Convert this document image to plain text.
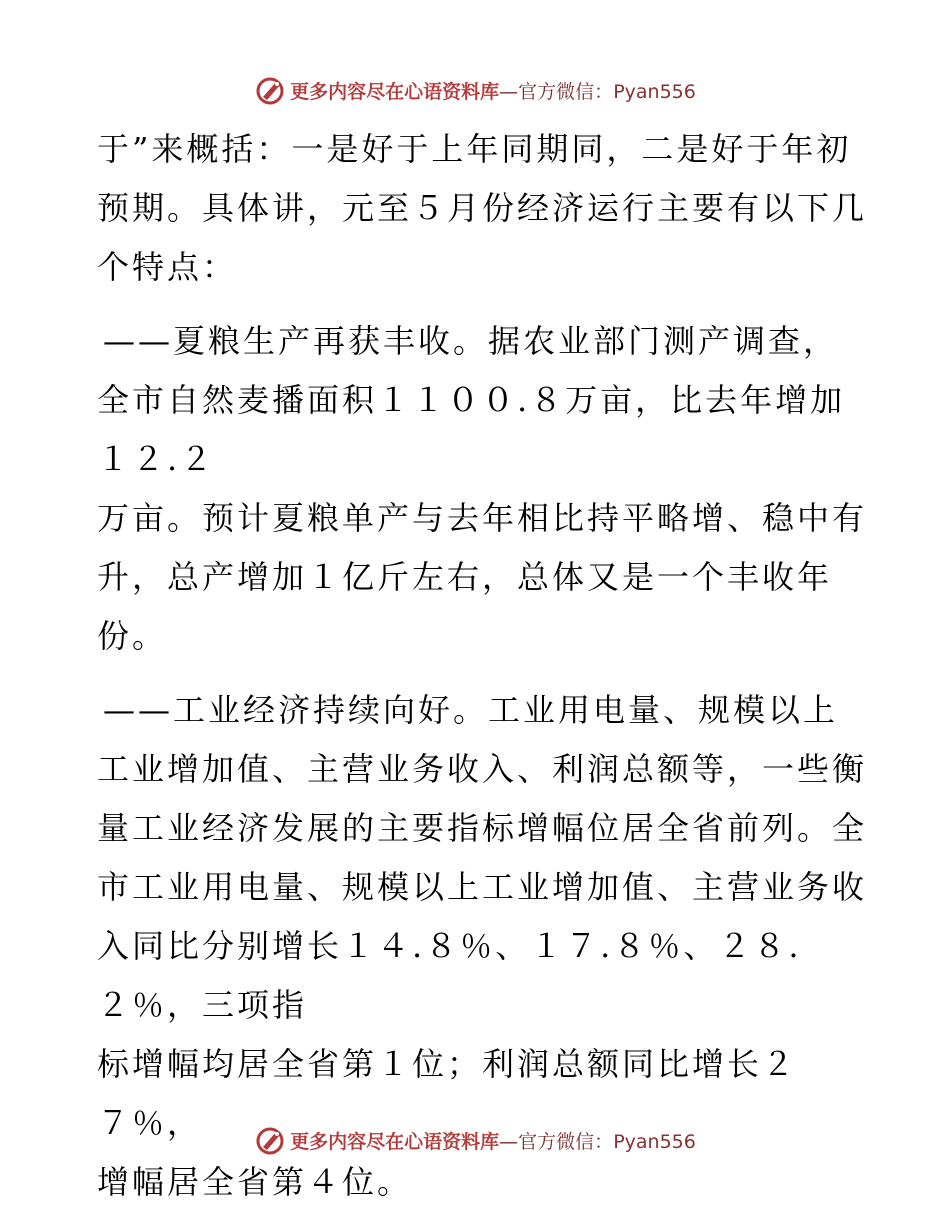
更多内容尽在心语资料库—官方微信：Pyan556
于”来概括：一是好于上年同期同，二是好于年初
预期。具体讲，元至５月份经济运行主要有以下几
个特点：
——夏粮生产再获丰收。据农业部门测产调查，
全市自然麦播面积１１００.８万亩，比去年增加１２.２
万亩。预计夏粮单产与去年相比持平略增、稳中有
升，总产增加１亿斤左右，总体又是一个丰收年
份。
——工业经济持续向好。工业用电量、规模以上
工业增加值、主营业务收入、利润总额等，一些衡
量工业经济发展的主要指标增幅位居全省前列。全
市工业用电量、规模以上工业增加值、主营业务收
入同比分别增长１４.８％、１７.８％、２８.２％，三项指
标增幅均居全省第１位；利润总额同比增长２７％，
增幅居全省第４位。
更多内容尽在心语资料库—官方微信：Pyan556
